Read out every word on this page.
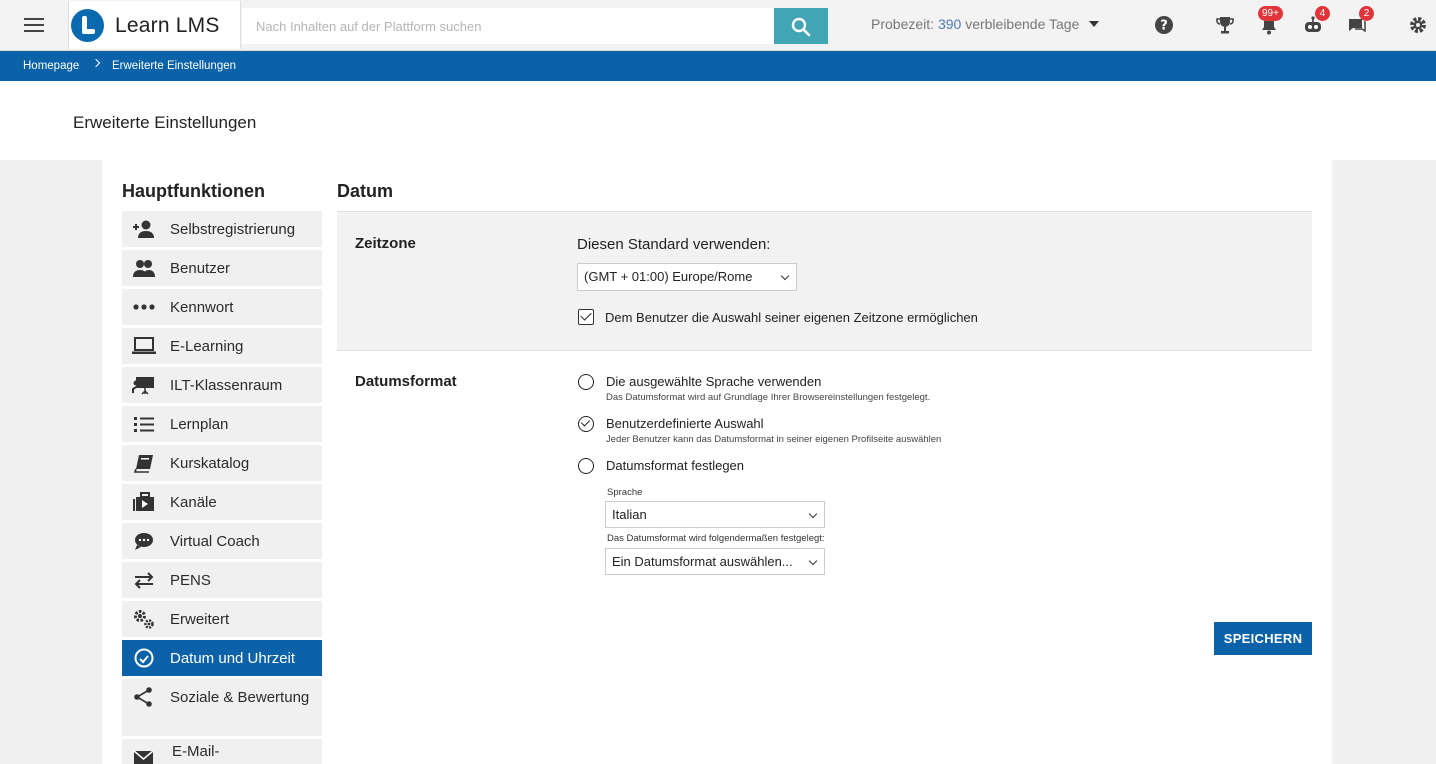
Learn LMS
Nach Inhalten auf der Plattform suchen	Probezeit: 390 verbleibende Tage	?
99+	4	2
Homepage	Erweiterte Einstellungen
Erweiterte Einstellungen
Hauptfunktionen
Selbstregistrierung
Benutzer
Kennwort
E-Learning
ILT-Klassenraum
Lernplan
Kurskatalog
Kanäle
Virtual Coach
PENS
Erweitert
Datum und Uhrzeit
Soziale & Bewertung
E-Mail-
Datum
Zeitzone	Diesen Standard verwenden:
(GMT + 01:00) Europe/Rome
Dem Benutzer die Auswahl seiner eigenen Zeitzone ermöglichen
Datumsformat	Die ausgewählte Sprache verwenden
Das Datumsformat wird auf Grundlage Ihrer Browsereinstellungen festgelegt.
Benutzerdefinierte Auswahl
Jeder Benutzer kann das Datumsformat in seiner eigenen Profilseite auswählen
Datumsformat festlegen
Sprache
Italian
Das Datumsformat wird folgendermaßen festgelegt:
Ein Datumsformat auswählen...
SPEICHERN
